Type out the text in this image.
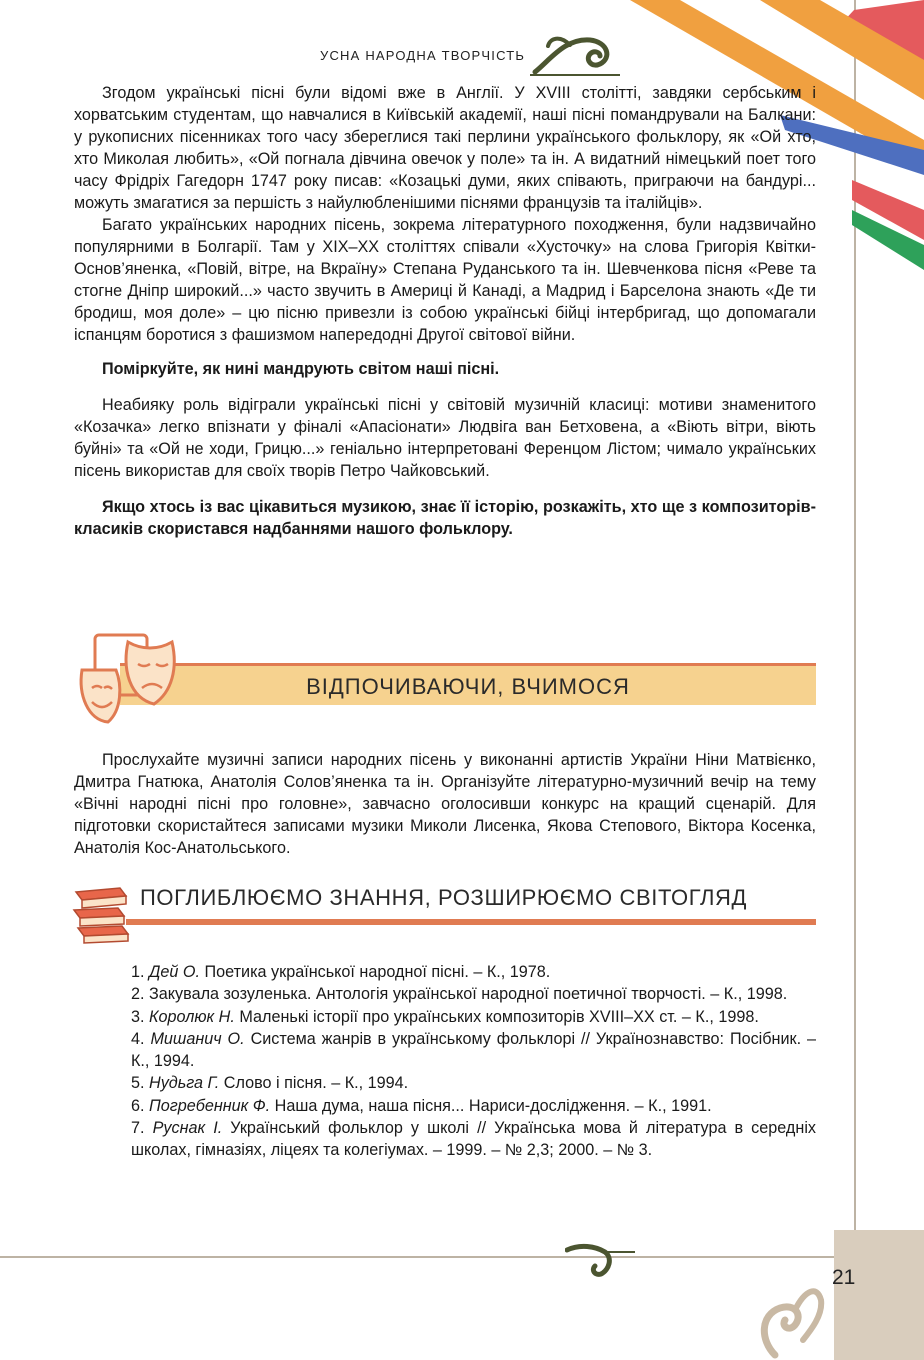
УСНА НАРОДНА ТВОРЧІСТЬ

Згодом українські пісні були відомі вже в Англії. У XVIII столітті, завдяки сербським і хорватським студентам, що навчалися в Київській академії, наші пісні помандрували на Балкани: у рукописних пісенниках того часу збереглися такі перлини українського фольклору, як «Ой хто, хто Миколая любить», «Ой погнала дівчина овечок у поле» та ін. А видатний німецький поет того часу Фрідріх Гагедорн 1747 року писав: «Козацькі думи, яких співають, приграючи на бандурі... можуть змагатися за першість з найулюбленішими піснями французів та італійців».

Багато українських народних пісень, зокрема літературного походження, були надзвичайно популярними в Болгарії. Там у XIX–XX століттях співали «Хусточку» на слова Григорія Квітки-Основ’яненка, «Повій, вітре, на Вкраїну» Степана Руданського та ін. Шевченкова пісня «Реве та стогне Дніпр широкий...» часто звучить в Америці й Канаді, а Мадрид і Барселона знають «Де ти бродиш, моя доле» – цю пісню привезли із собою українські бійці інтербригад, що допомагали іспанцям боротися з фашизмом напередодні Другої світової війни.

Поміркуйте, як нині мандрують світом наші пісні.

Неабияку роль відіграли українські пісні у світовій музичній класиці: мотиви знаменитого «Козачка» легко впізнати у фіналі «Апасіонати» Людвіга ван Бетховена, а «Віють вітри, віють буйні» та «Ой не ходи, Грицю...» геніально інтерпретовані Ференцом Лістом; чимало українських пісень використав для своїх творів Петро Чайковський.

Якщо хтось із вас цікавиться музикою, знає її історію, розкажіть, хто ще з композиторів-класиків скористався надбаннями нашого фольклору.

ВІДПОЧИВАЮЧИ, ВЧИМОСЯ

Прослухайте музичні записи народних пісень у виконанні артистів України Ніни Матвієнко, Дмитра Гнатюка, Анатолія Солов’яненка та ін. Організуйте літературно-музичний вечір на тему «Вічні народні пісні про головне», завчасно оголосивши конкурс на кращий сценарій. Для підготовки скористайтеся записами музики Миколи Лисенка, Якова Степового, Віктора Косенка, Анатолія Кос-Анатольського.

ПОГЛИБЛЮЄМО ЗНАННЯ, РОЗШИРЮЄМО СВІТОГЛЯД

1. Дей О. Поетика української народної пісні. – К., 1978.

2. Закувала зозуленька. Антологія української народної поетичної творчості. – К., 1998.

3. Королюк Н. Маленькі історії про українських композиторів XVIII–XX ст. – К., 1998.

4. Мишанич О. Система жанрів в українському фольклорі // Українознавство: Посібник. – К., 1994.

5. Нудьга Г. Слово і пісня. – К., 1994.

6. Погребенник Ф. Наша дума, наша пісня... Нариси-дослідження. – К., 1991.

7. Руснак І. Український фольклор у школі // Українська мова й література в середніх школах, гімназіях, ліцеях та колегіумах. – 1999. – № 2,3; 2000. – № 3.

21
